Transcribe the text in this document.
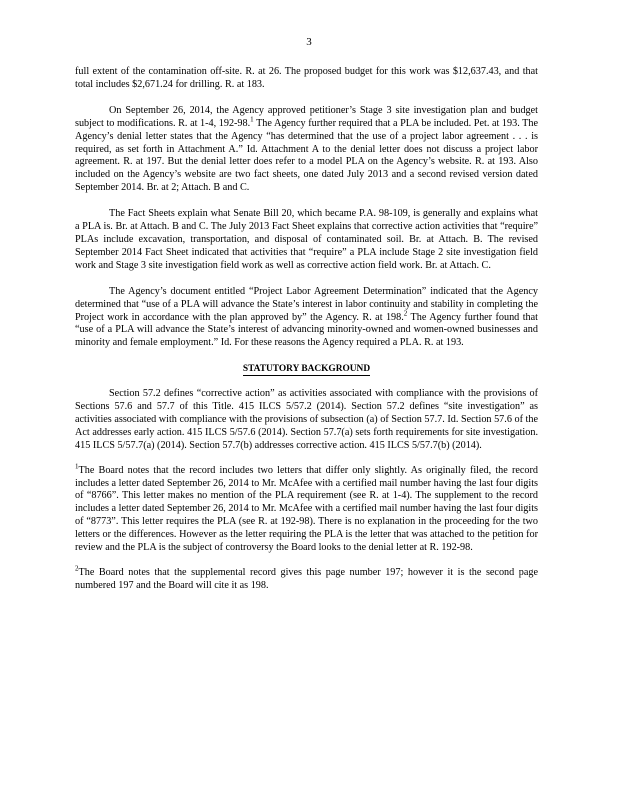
3

full extent of the contamination off-site. R. at 26. The proposed budget for this work was $12,637.43, and that total includes $2,671.24 for drilling. R. at 183.

On September 26, 2014, the Agency approved petitioner’s Stage 3 site investigation plan and budget subject to modifications. R. at 1-4, 192-98.$^1$ The Agency further required that a PLA be included. Pet. at 193. The Agency’s denial letter states that the Agency “has determined that the use of a project labor agreement . . . is required, as set forth in Attachment A.” Id. Attachment A to the denial letter does not discuss a project labor agreement. R. at 197. But the denial letter does refer to a model PLA on the Agency’s website. R. at 193. Also included on the Agency’s website are two fact sheets, one dated July 2013 and a second revised version dated September 2014. Br. at 2; Attach. B and C.

The Fact Sheets explain what Senate Bill 20, which became P.A. 98-109, is generally and explains what a PLA is. Br. at Attach. B and C. The July 2013 Fact Sheet explains that corrective action activities that “require” PLAs include excavation, transportation, and disposal of contaminated soil. Br. at Attach. B. The revised September 2014 Fact Sheet indicated that activities that “require” a PLA include Stage 2 site investigation field work and Stage 3 site investigation field work as well as corrective action field work. Br. at Attach. C.

The Agency’s document entitled “Project Labor Agreement Determination” indicated that the Agency determined that “use of a PLA will advance the State’s interest in labor continuity and stability in completing the Project work in accordance with the plan approved by” the Agency. R. at 198.$^2$ The Agency further found that “use of a PLA will advance the State’s interest of advancing minority-owned and women-owned businesses and minority and female employment.” Id. For these reasons the Agency required a PLA. R. at 193.

STATUTORY BACKGROUND

Section 57.2 defines “corrective action” as activities associated with compliance with the provisions of Sections 57.6 and 57.7 of this Title. 415 ILCS 5/57.2 (2014). Section 57.2 defines “site investigation” as activities associated with compliance with the provisions of subsection (a) of Section 57.7. Id. Section 57.6 of the Act addresses early action. 415 ILCS 5/57.6 (2014). Section 57.7(a) sets forth requirements for site investigation. 415 ILCS 5/57.7(a) (2014). Section 57.7(b) addresses corrective action. 415 ILCS 5/57.7(b) (2014).

$^1$The Board notes that the record includes two letters that differ only slightly. As originally filed, the record includes a letter dated September 26, 2014 to Mr. McAfee with a certified mail number having the last four digits of “8766”. This letter makes no mention of the PLA requirement (see R. at 1-4). The supplement to the record includes a letter dated September 26, 2014 to Mr. McAfee with a certified mail number having the last four digits of “8773”. This letter requires the PLA (see R. at 192-98). There is no explanation in the proceeding for the two letters or the differences. However as the letter requiring the PLA is the letter that was attached to the petition for review and the PLA is the subject of controversy the Board looks to the denial letter at R. 192-98.

$^2$The Board notes that the supplemental record gives this page number 197; however it is the second page numbered 197 and the Board will cite it as 198.
